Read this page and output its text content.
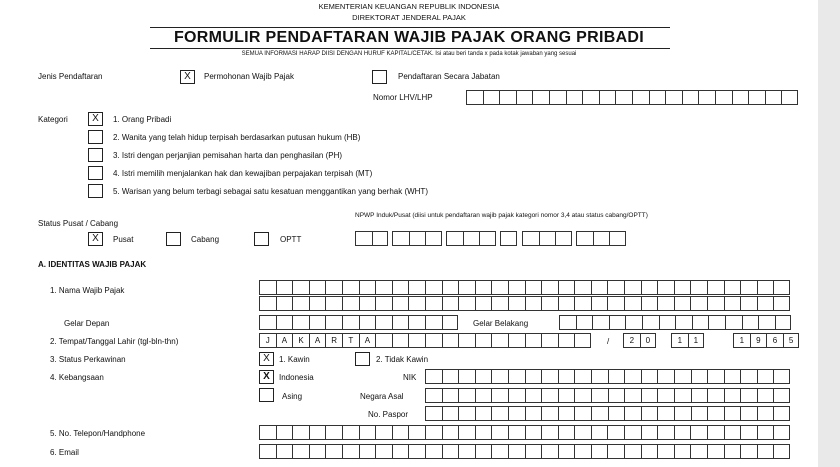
KEMENTERIAN KEUANGAN REPUBLIK INDONESIA
DIREKTORAT JENDERAL PAJAK
FORMULIR PENDAFTARAN WAJIB PAJAK ORANG PRIBADI
SEMUA INFORMASI HARAP DIISI DENGAN HURUF KAPITAL/CETAK. Isi atau beri tanda x pada kotak jawaban yang sesuai
Jenis Pendaftaran	X	Permohonan Wajib Pajak	Pendaftaran Secara Jabatan
Nomor LHV/LHP
Kategori	X	1. Orang Pribadi
2. Wanita yang telah hidup terpisah berdasarkan putusan hukum (HB)
3. Istri dengan perjanjian pemisahan harta dan penghasilan (PH)
4. Istri memilih menjalankan hak dan kewajiban perpajakan terpisah (MT)
5. Warisan yang belum terbagi sebagai satu kesatuan menggantikan yang berhak (WHT)
Status Pusat / Cabang
X	Pusat	Cabang	OPTT
NPWP Induk/Pusat (diisi untuk pendaftaran wajib pajak kategori nomor 3,4 atau status cabang/OPTT)
A. IDENTITAS WAJIB PAJAK
1. Nama Wajib Pajak
Gelar Depan	Gelar Belakang
2. Tempat/Tanggal Lahir (tgl-bln-thn)	J	A	K	A	R	T	A	/	2	0	1	1	1	9	6	5
3. Status Perkawinan	X	1. Kawin	2. Tidak Kawin
4. Kebangsaan	X	Indonesia	NIK
Asing	Negara Asal
No. Paspor
5. No. Telepon/Handphone
6. Email
